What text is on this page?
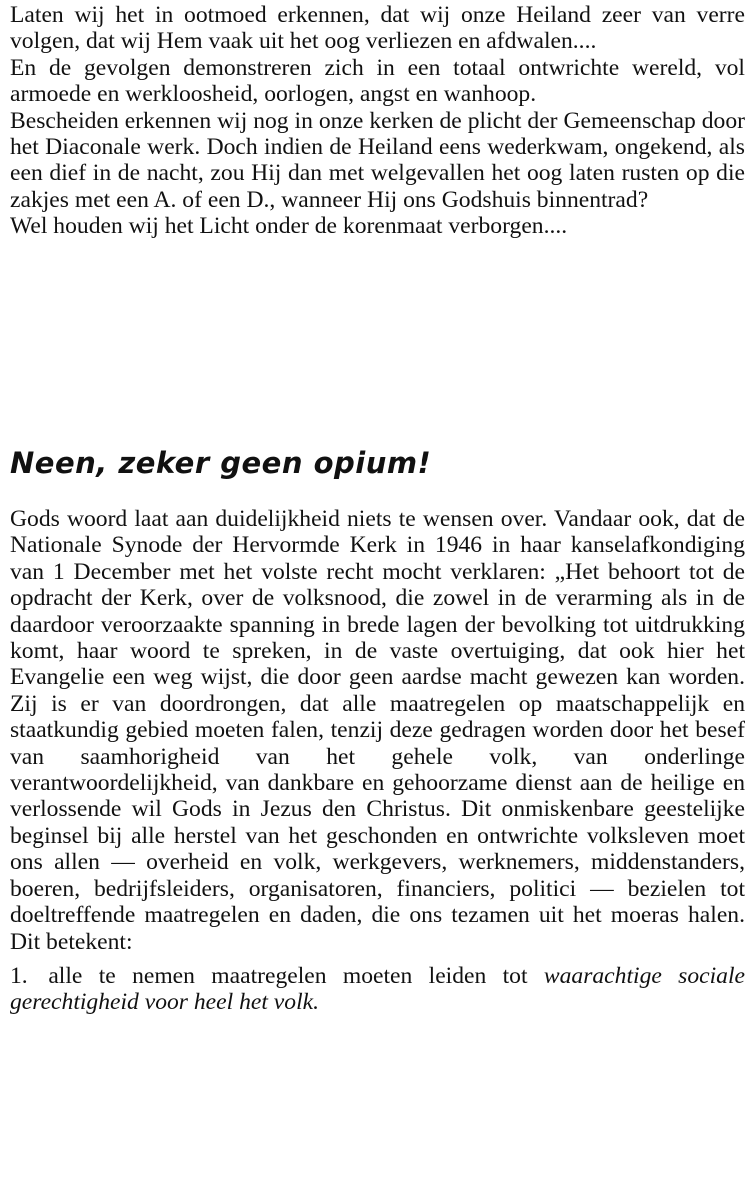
Laten wij het in ootmoed erkennen, dat wij onze Heiland zeer van verre volgen, dat wij Hem vaak uit het oog verliezen en afdwalen....

En de gevolgen demonstreren zich in een totaal ontwrichte wereld, vol armoede en werkloosheid, oorlogen, angst en wanhoop.

Bescheiden erkennen wij nog in onze kerken de plicht der Gemeenschap door het Diaconale werk. Doch indien de Heiland eens wederkwam, ongekend, als een dief in de nacht, zou Hij dan met welgevallen het oog laten rusten op die zakjes met een A. of een D., wanneer Hij ons Godshuis binnentrad?

Wel houden wij het Licht onder de korenmaat verborgen....

Neen, zeker geen opium!

Gods woord laat aan duidelijkheid niets te wensen over. Vandaar ook, dat de Nationale Synode der Hervormde Kerk in 1946 in haar kanselafkondiging van 1 December met het volste recht mocht verklaren: „Het behoort tot de opdracht der Kerk, over de volksnood, die zowel in de verarming als in de daardoor veroorzaakte spanning in brede lagen der bevolking tot uitdrukking komt, haar woord te spreken, in de vaste overtuiging, dat ook hier het Evangelie een weg wijst, die door geen aardse macht gewezen kan worden. Zij is er van doordrongen, dat alle maatregelen op maatschappelijk en staatkundig gebied moeten falen, tenzij deze gedragen worden door het besef van saamhorigheid van het gehele volk, van onderlinge verantwoordelijkheid, van dankbare en gehoorzame dienst aan de heilige en verlossende wil Gods in Jezus den Christus. Dit onmiskenbare geestelijke beginsel bij alle herstel van het geschonden en ontwrichte volksleven moet ons allen — overheid en volk, werkgevers, werknemers, middenstanders, boeren, bedrijfsleiders, organisatoren, financiers, politici — bezielen tot doeltreffende maatregelen en daden, die ons tezamen uit het moeras halen. Dit betekent:

1. alle te nemen maatregelen moeten leiden tot waarachtige sociale gerechtigheid voor heel het volk.
